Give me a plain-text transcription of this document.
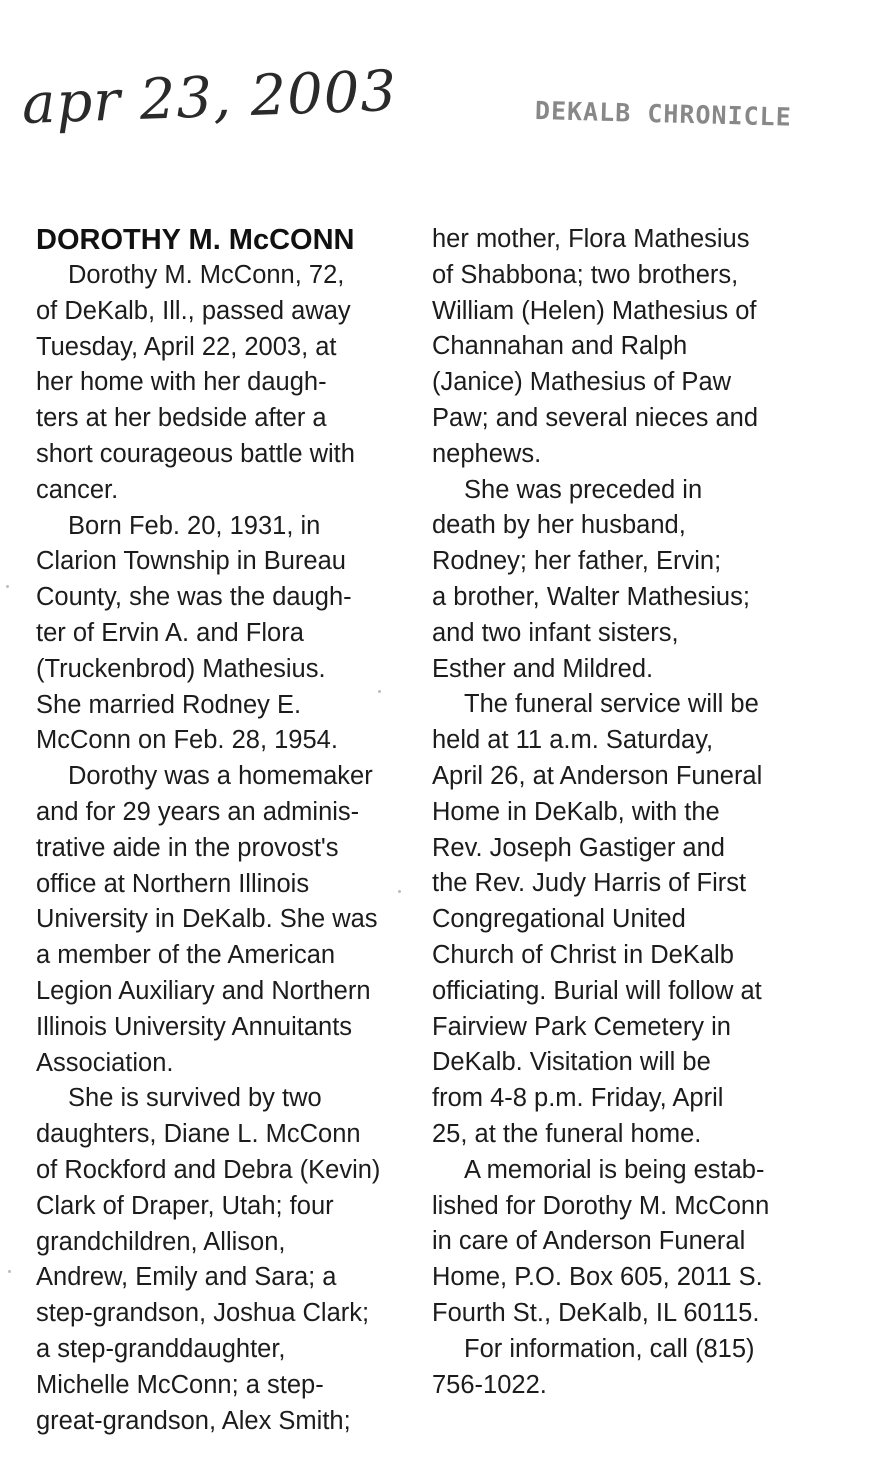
apr 23, 2003	DEKALB CHRONICLE
DOROTHY M. McCONN
Dorothy M. McConn, 72,
of DeKalb, Ill., passed away
Tuesday, April 22, 2003, at
her home with her daugh-
ters at her bedside after a
short courageous battle with
cancer.
Born Feb. 20, 1931, in
Clarion Township in Bureau
County, she was the daugh-
ter of Ervin A. and Flora
(Truckenbrod) Mathesius.
She married Rodney E.
McConn on Feb. 28, 1954.
Dorothy was a homemaker
and for 29 years an adminis-
trative aide in the provost's
office at Northern Illinois
University in DeKalb. She was
a member of the American
Legion Auxiliary and Northern
Illinois University Annuitants
Association.
She is survived by two
daughters, Diane L. McConn
of Rockford and Debra (Kevin)
Clark of Draper, Utah; four
grandchildren, Allison,
Andrew, Emily and Sara; a
step-grandson, Joshua Clark;
a step-granddaughter,
Michelle McConn; a step-
great-grandson, Alex Smith;
her mother, Flora Mathesius
of Shabbona; two brothers,
William (Helen) Mathesius of
Channahan and Ralph
(Janice) Mathesius of Paw
Paw; and several nieces and
nephews.
She was preceded in
death by her husband,
Rodney; her father, Ervin;
a brother, Walter Mathesius;
and two infant sisters,
Esther and Mildred.
The funeral service will be
held at 11 a.m. Saturday,
April 26, at Anderson Funeral
Home in DeKalb, with the
Rev. Joseph Gastiger and
the Rev. Judy Harris of First
Congregational United
Church of Christ in DeKalb
officiating. Burial will follow at
Fairview Park Cemetery in
DeKalb. Visitation will be
from 4-8 p.m. Friday, April
25, at the funeral home.
A memorial is being estab-
lished for Dorothy M. McConn
in care of Anderson Funeral
Home, P.O. Box 605, 2011 S.
Fourth St., DeKalb, IL 60115.
For information, call (815)
756-1022.
